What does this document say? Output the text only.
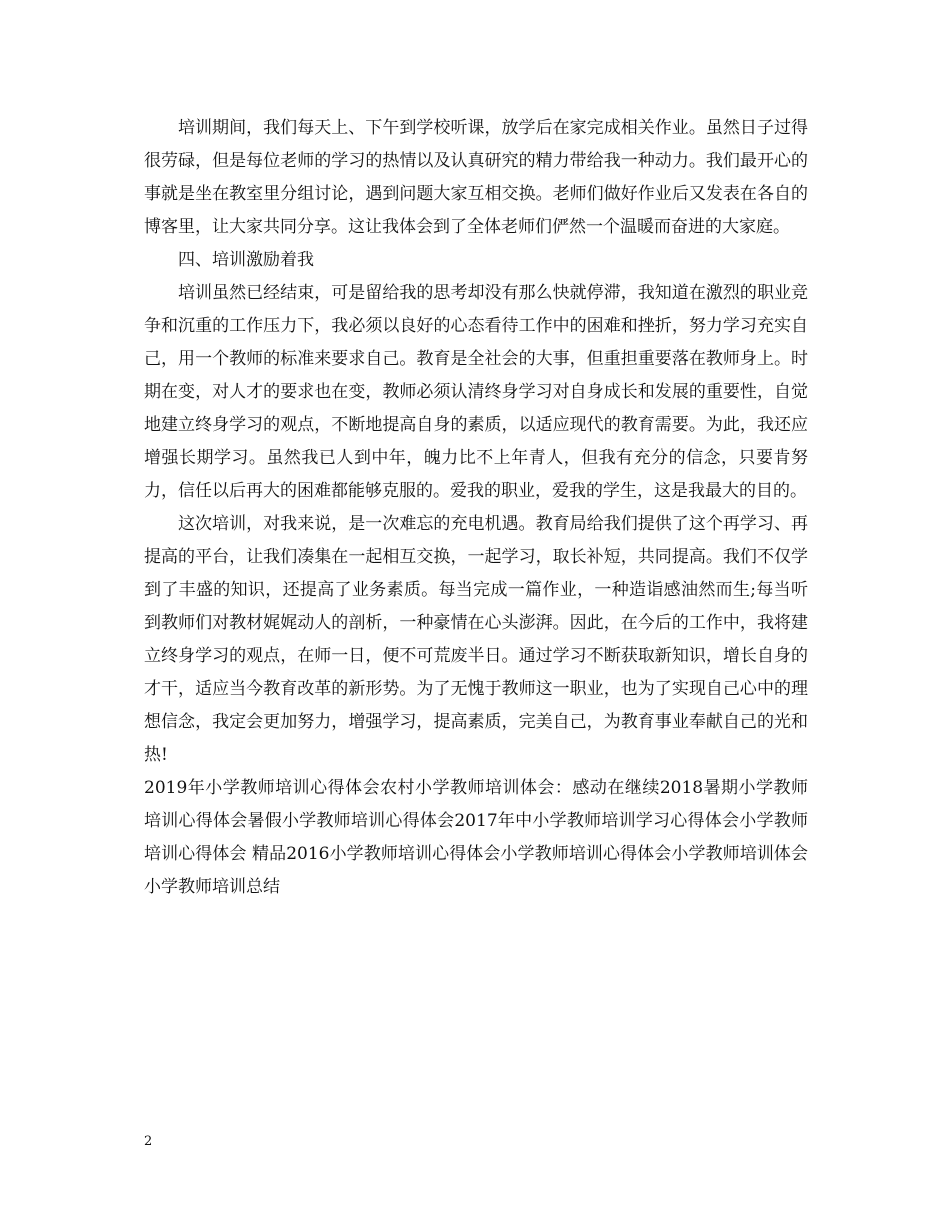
培训期间，我们每天上、下午到学校听课，放学后在家完成相关作业。虽然日子过得很劳碌，但是每位老师的学习的热情以及认真研究的精力带给我一种动力。我们最开心的事就是坐在教室里分组讨论，遇到问题大家互相交换。老师们做好作业后又发表在各自的博客里，让大家共同分享。这让我体会到了全体老师们俨然一个温暖而奋进的大家庭。

四、培训激励着我

培训虽然已经结束，可是留给我的思考却没有那么快就停滞，我知道在激烈的职业竞争和沉重的工作压力下，我必须以良好的心态看待工作中的困难和挫折，努力学习充实自己，用一个教师的标准来要求自己。教育是全社会的大事，但重担重要落在教师身上。时期在变，对人才的要求也在变，教师必须认清终身学习对自身成长和发展的重要性，自觉地建立终身学习的观点，不断地提高自身的素质，以适应现代的教育需要。为此，我还应增强长期学习。虽然我已人到中年，魄力比不上年青人，但我有充分的信念，只要肯努力，信任以后再大的困难都能够克服的。爱我的职业，爱我的学生，这是我最大的目的。

这次培训，对我来说，是一次难忘的充电机遇。教育局给我们提供了这个再学习、再提高的平台，让我们凑集在一起相互交换，一起学习，取长补短，共同提高。我们不仅学到了丰盛的知识，还提高了业务素质。每当完成一篇作业，一种造诣感油然而生;每当听到教师们对教材娓娓动人的剖析，一种豪情在心头澎湃。因此，在今后的工作中，我将建立终身学习的观点，在师一日，便不可荒废半日。通过学习不断获取新知识，增长自身的才干，适应当今教育改革的新形势。为了无愧于教师这一职业，也为了实现自己心中的理想信念，我定会更加努力，增强学习，提高素质，完美自己，为教育事业奉献自己的光和热!

2019年小学教师培训心得体会农村小学教师培训体会：感动在继续2018暑期小学教师培训心得体会暑假小学教师培训心得体会2017年中小学教师培训学习心得体会小学教师培训心得体会 精品2016小学教师培训心得体会小学教师培训心得体会小学教师培训体会小学教师培训总结

2
